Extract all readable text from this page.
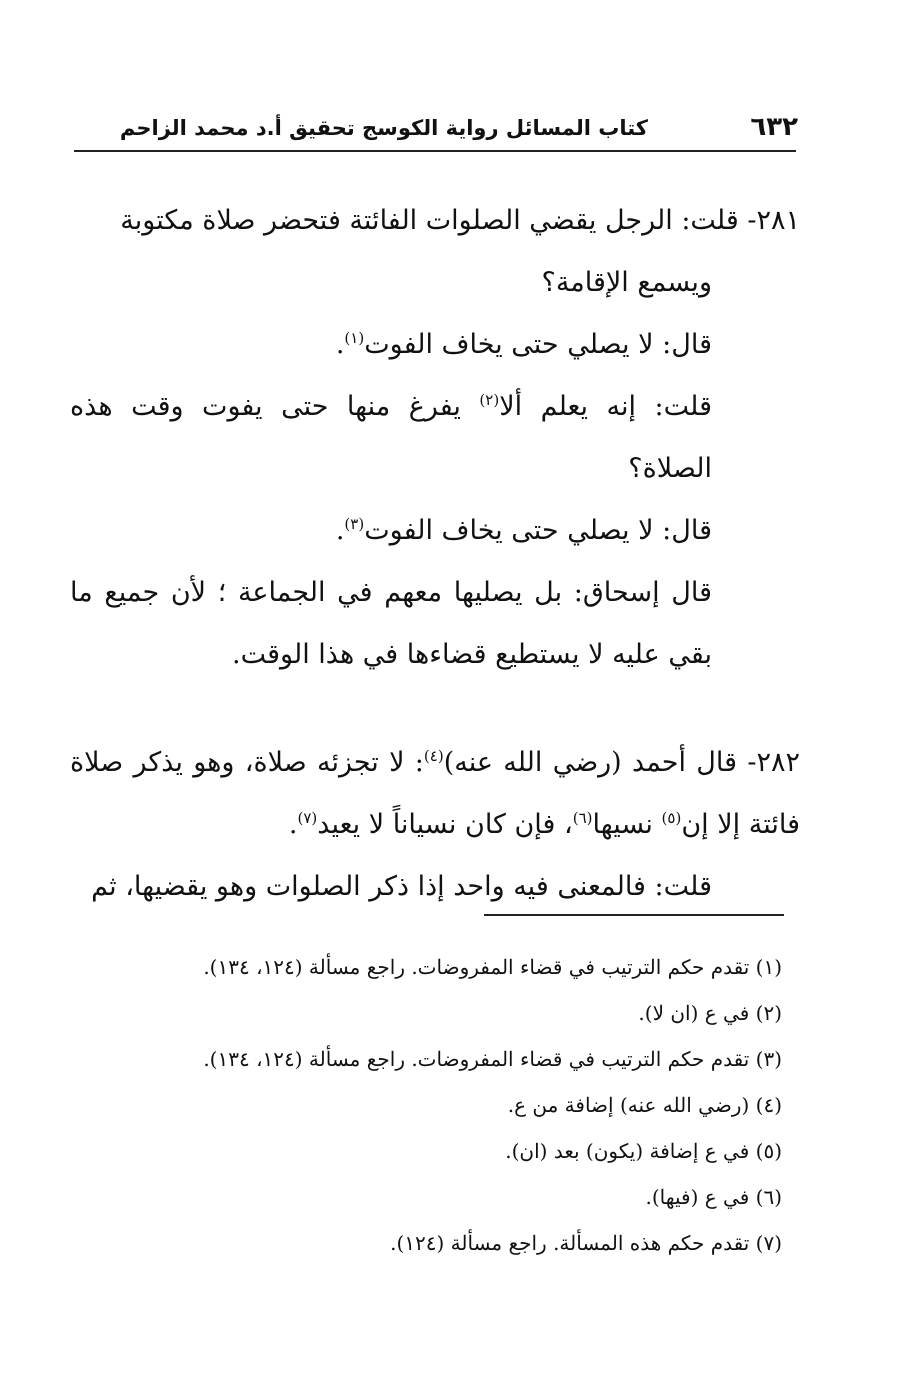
٦٣٢
كتاب المسائل رواية الكوسج تحقيق أ.د محمد الزاحم

٢٨١- قلت: الرجل يقضي الصلوات الفائتة فتحضر صلاة مكتوبة
ويسمع الإقامة؟

قال: لا يصلي حتى يخاف الفوت$^{(١)}$.

قلت: إنه يعلم ألا$^{(٢)}$ يفرغ منها حتى يفوت وقت هذه الصلاة؟

قال: لا يصلي حتى يخاف الفوت$^{(٣)}$.

قال إسحاق: بل يصليها معهم في الجماعة ؛ لأن جميع ما بقي عليه لا يستطيع قضاءها في هذا الوقت.

٢٨٢- قال أحمد (رضي الله عنه)$^{(٤)}$: لا تجزئه صلاة، وهو يذكر صلاة فائتة إلا إن$^{(٥)}$ نسيها$^{(٦)}$، فإن كان نسياناً لا يعيد$^{(٧)}$.

قلت: فالمعنى فيه واحد إذا ذكر الصلوات وهو يقضيها، ثم

(١) تقدم حكم الترتيب في قضاء المفروضات. راجع مسألة (١٢٤، ١٣٤).

(٢) في ع (ان لا).

(٣) تقدم حكم الترتيب في قضاء المفروضات. راجع مسألة (١٢٤، ١٣٤).

(٤) (رضي الله عنه) إضافة من ع.

(٥) في ع إضافة (يكون) بعد (ان).

(٦) في ع (فيها).

(٧) تقدم حكم هذه المسألة. راجع مسألة (١٢٤).
